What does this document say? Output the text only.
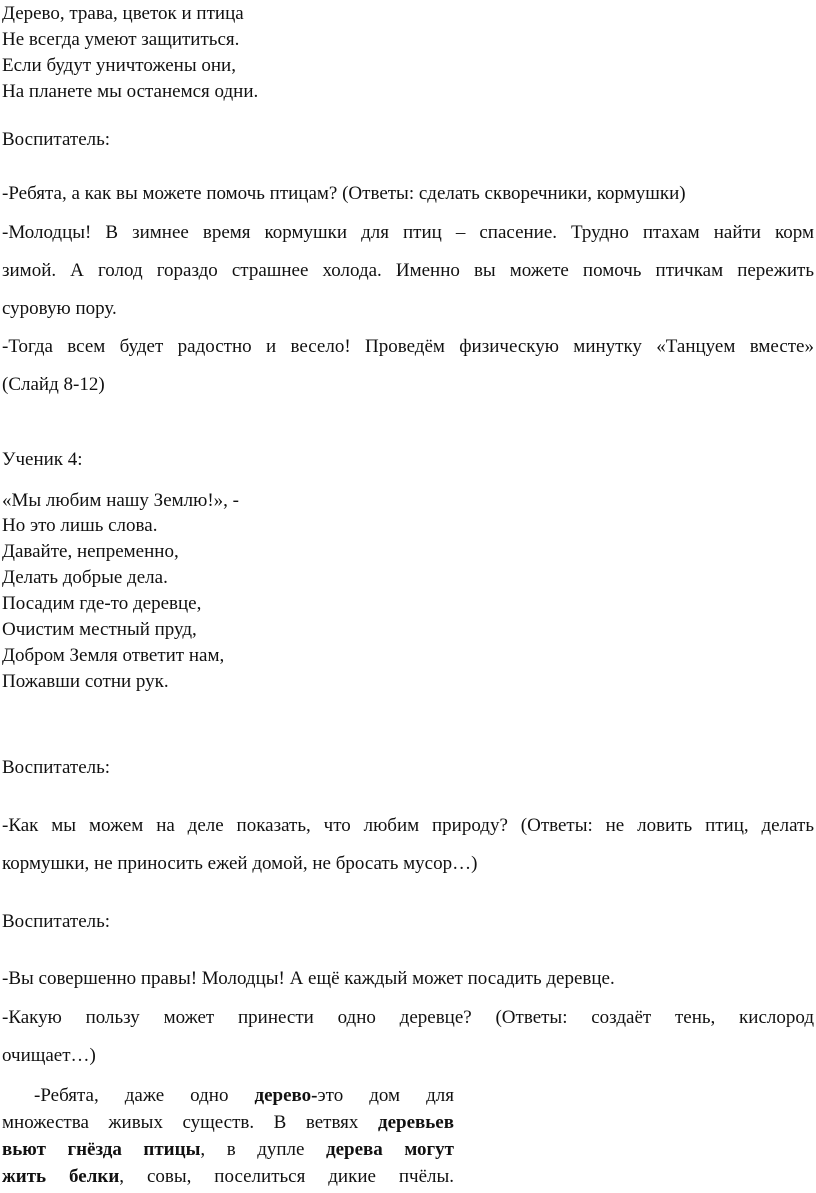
Дерево, трава, цветок и птица
Не всегда умеют защититься.
Если будут уничтожены они,
На планете мы останемся одни.
Воспитатель:
-Ребята, а как вы можете помочь птицам? (Ответы: сделать скворечники, кормушки)
-Молодцы! В зимнее время кормушки для птиц – спасение. Трудно птахам найти корм
зимой. А голод гораздо страшнее холода. Именно вы можете помочь птичкам пережить
суровую пору.
-Тогда всем будет радостно и весело! Проведём физическую минутку «Танцуем вместе»
(Слайд 8-12)
Ученик 4:
«Мы любим нашу Землю!», -
Но это лишь слова.
Давайте, непременно,
Делать добрые дела.
Посадим где-то деревце,
Очистим местный пруд,
Добром Земля ответит нам,
Пожавши сотни рук.
Воспитатель:
-Как мы можем на деле показать, что любим природу? (Ответы: не ловить птиц, делать
кормушки, не приносить ежей домой, не бросать мусор…)
Воспитатель:
-Вы совершенно правы! Молодцы! А ещё каждый может посадить деревце.
-Какую пользу может принести одно деревце? (Ответы: создаёт тень, кислород
очищает…)
-Ребята, даже одно дерево-это дом для
множества живых существ. В ветвях деревьев
вьют гнёзда птицы, в дупле дерева могут
жить белки, совы, поселиться дикие пчёлы.
